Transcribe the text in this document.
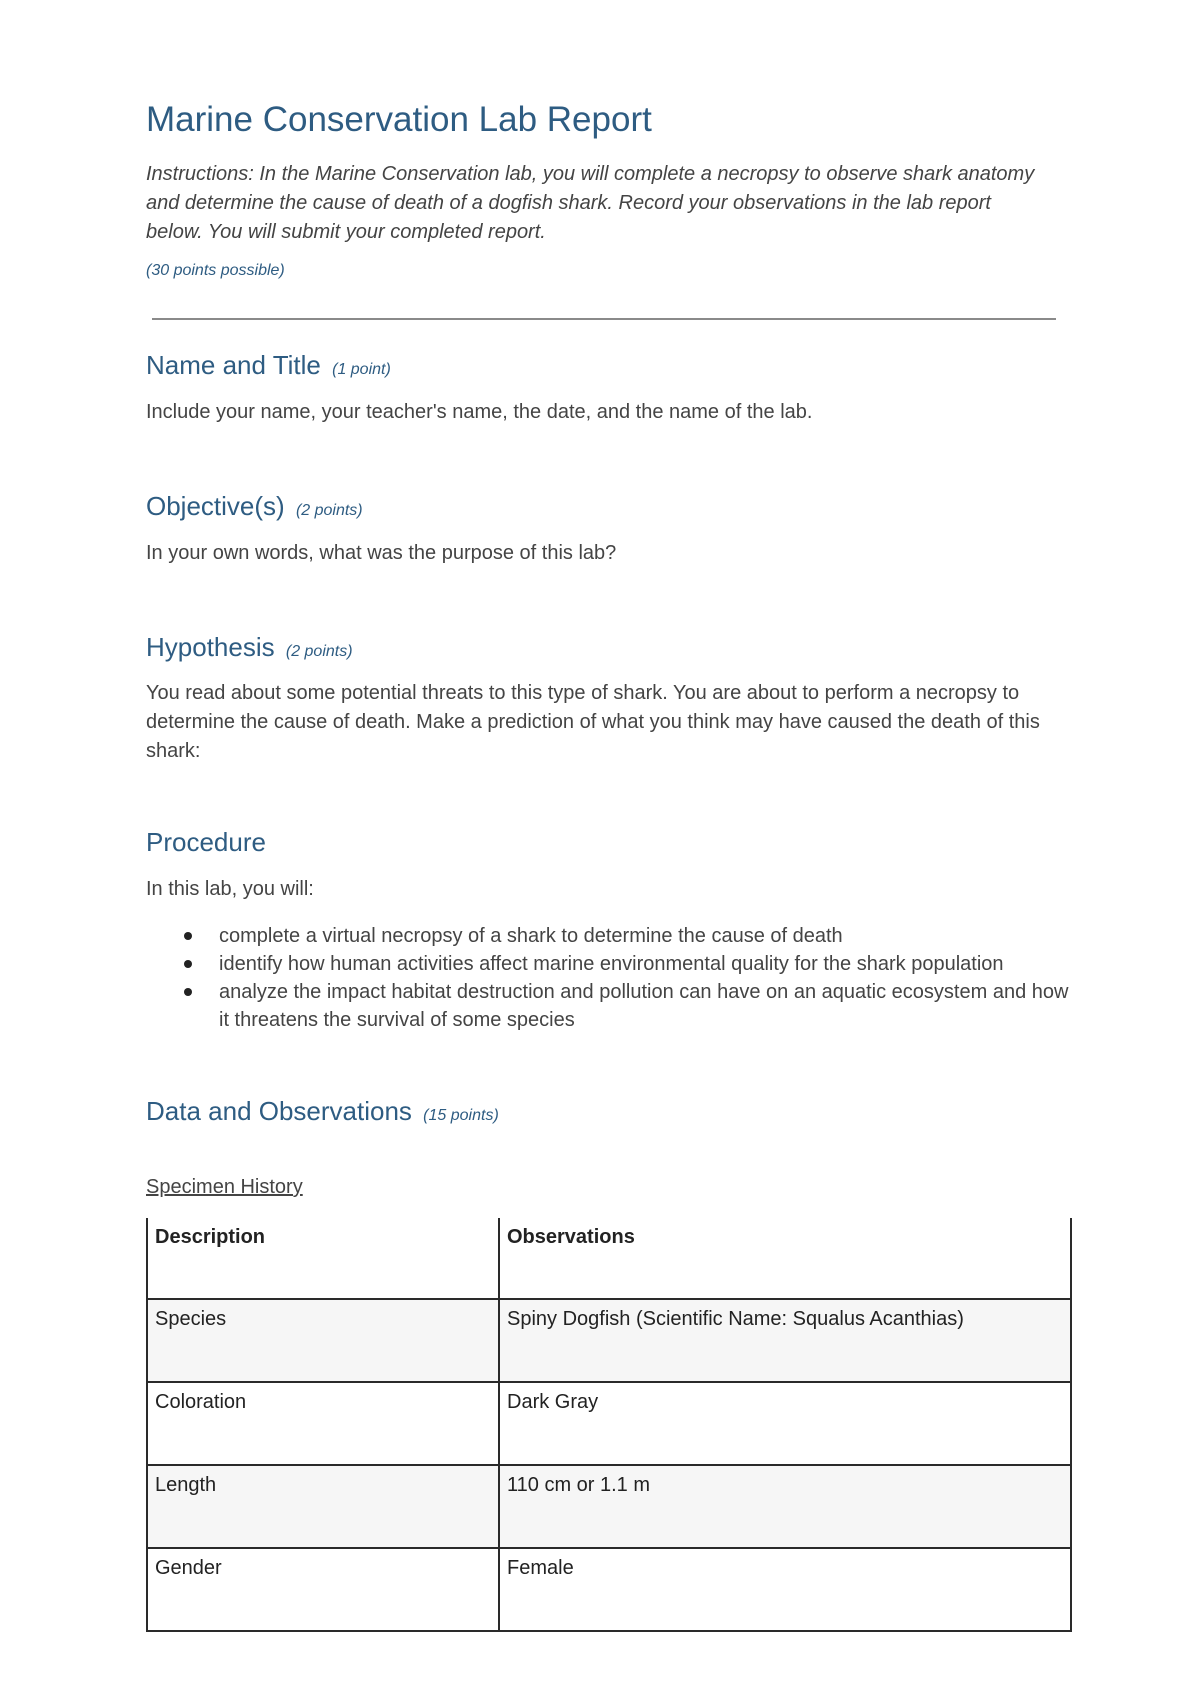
Marine Conservation Lab Report

Instructions: In the Marine Conservation lab, you will complete a necropsy to observe shark anatomy and determine the cause of death of a dogfish shark. Record your observations in the lab report below. You will submit your completed report.

(30 points possible)

Name and Title (1 point)

Include your name, your teacher's name, the date, and the name of the lab.

Objective(s) (2 points)

In your own words, what was the purpose of this lab?

Hypothesis (2 points)

You read about some potential threats to this type of shark. You are about to perform a necropsy to determine the cause of death. Make a prediction of what you think may have caused the death of this shark:

Procedure

In this lab, you will:

complete a virtual necropsy of a shark to determine the cause of death
identify how human activities affect marine environmental quality for the shark population
analyze the impact habitat destruction and pollution can have on an aquatic ecosystem and how it threatens the survival of some species
Data and Observations (15 points)

Specimen History

Description	Observations
Species	Spiny Dogfish (Scientific Name: Squalus Acanthias)
Coloration	Dark Gray
Length	110 cm or 1.1 m
Gender	Female
